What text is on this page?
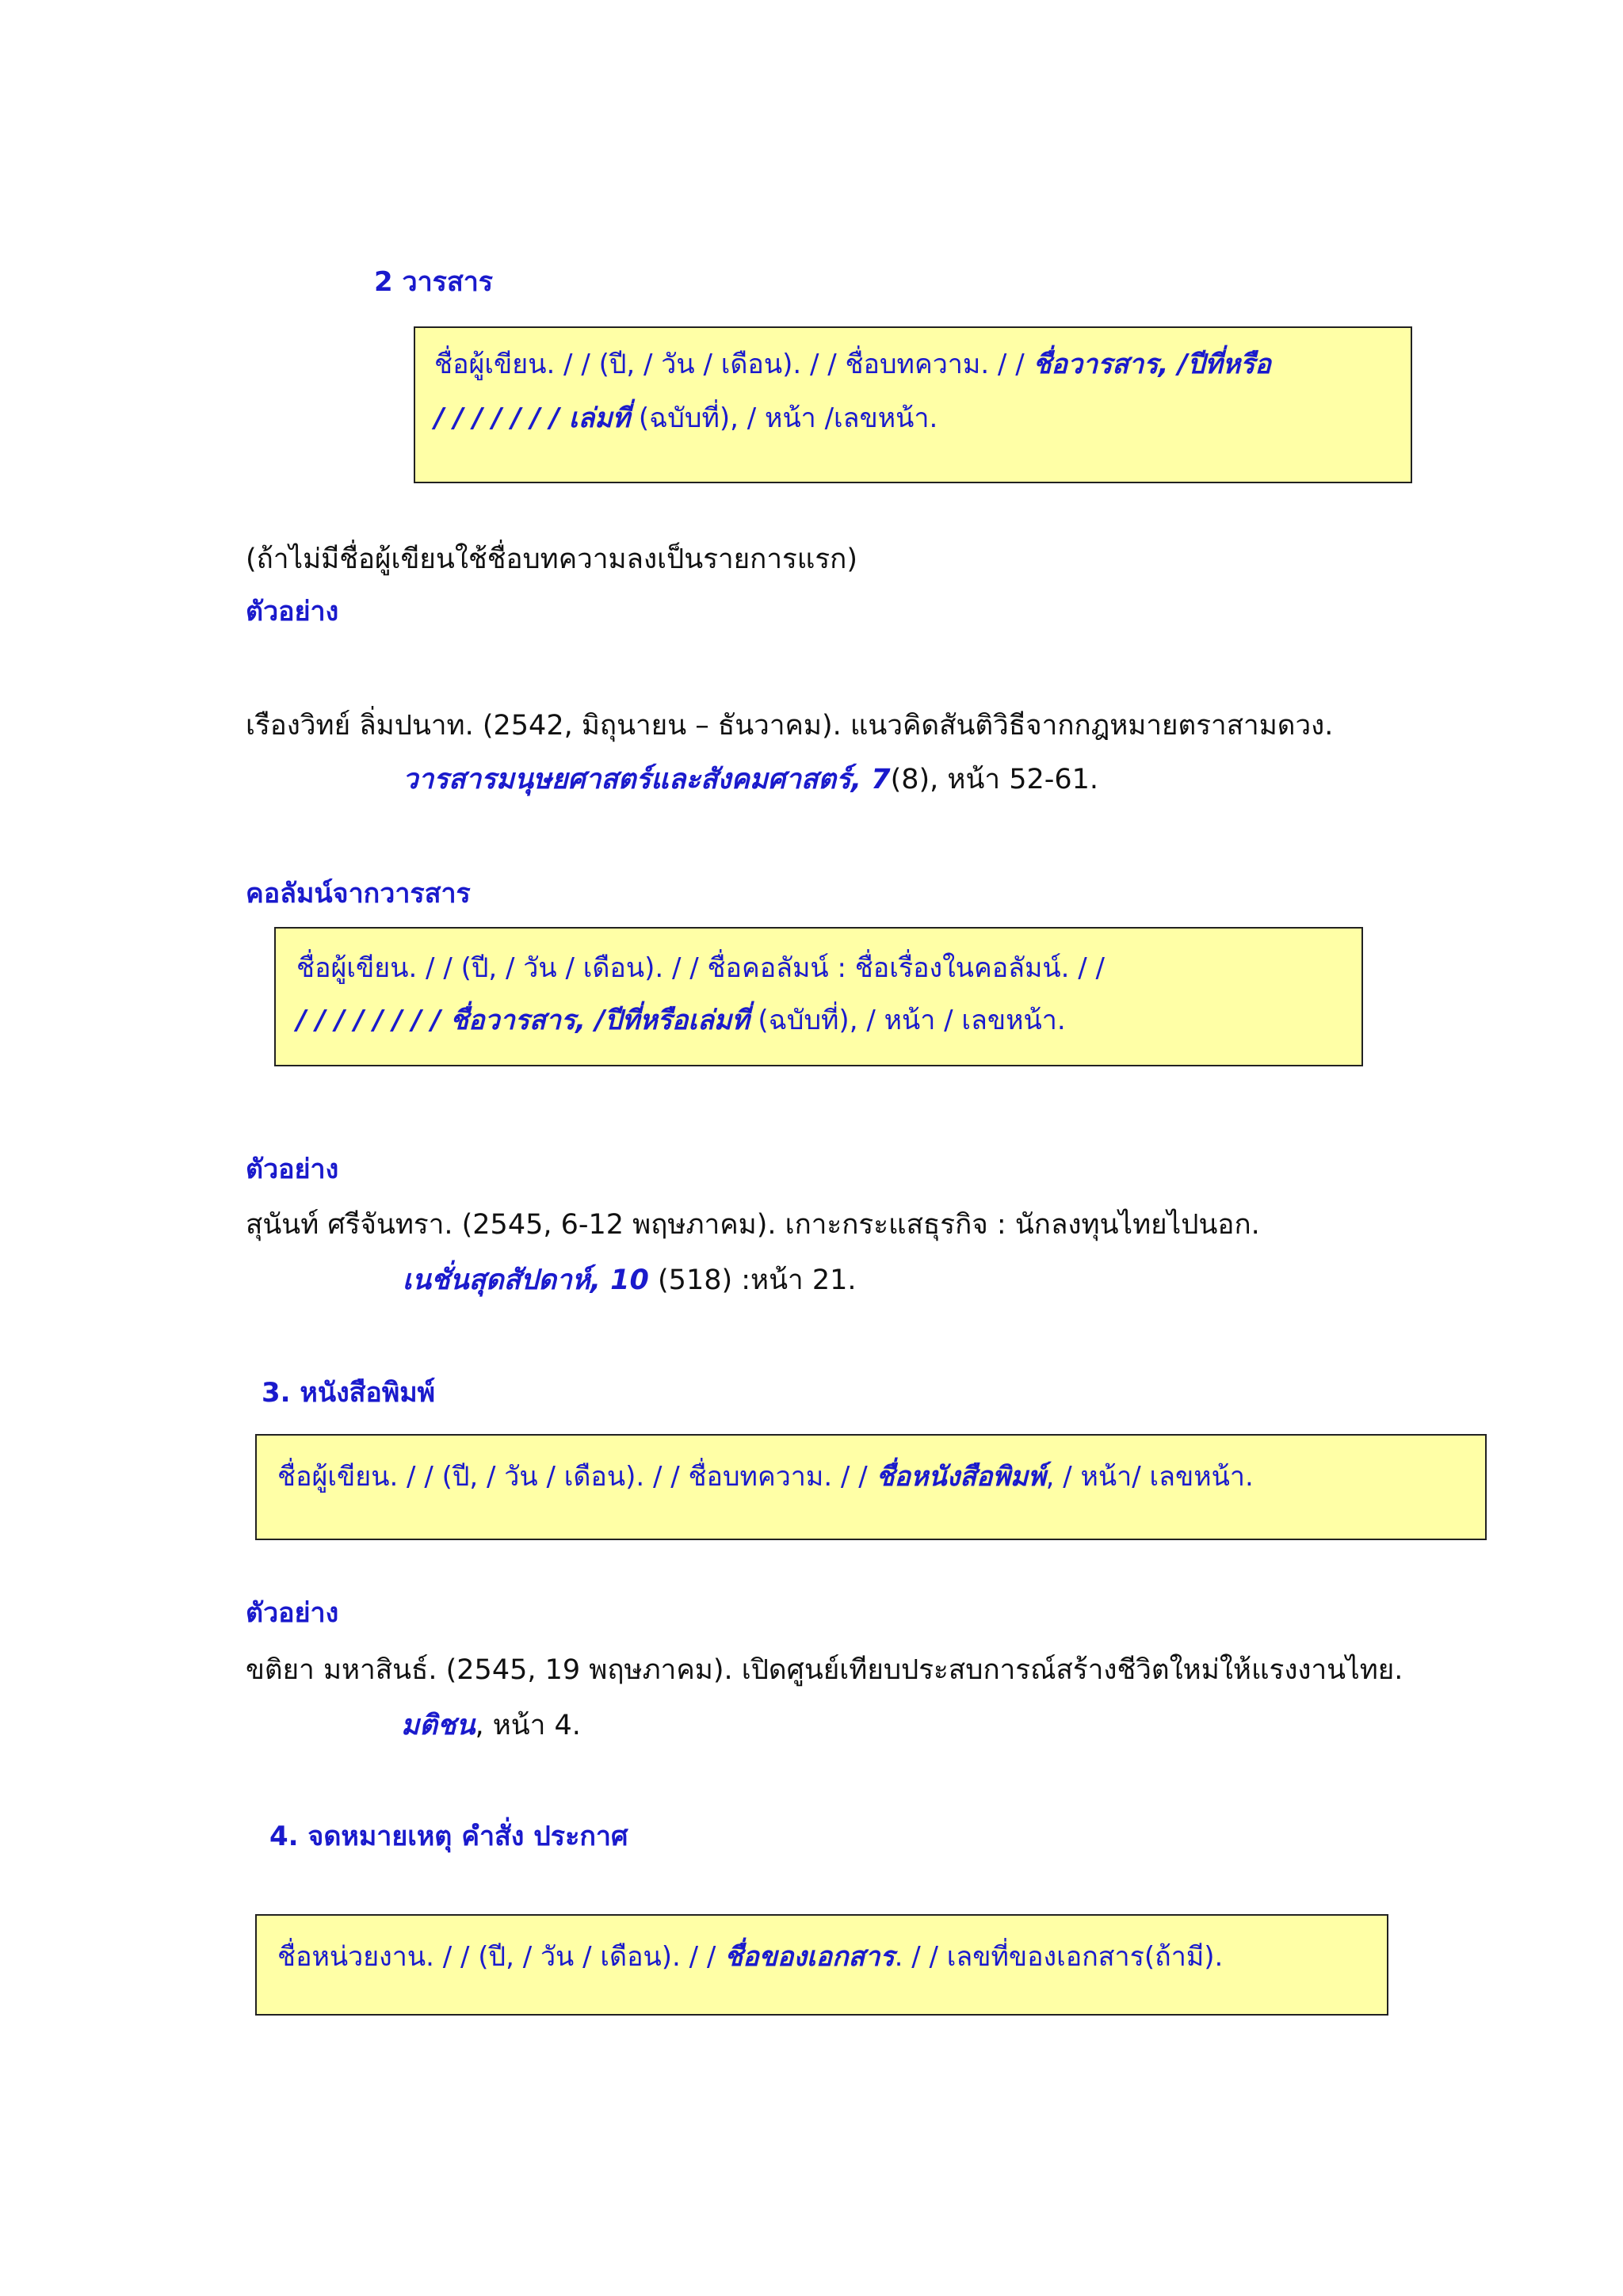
2 วารสาร
ชื่อผู้เขียน. / / (ปี, / วัน / เดือน). / / ชื่อบทความ. / / ชื่อวารสาร, /ปีที่หรือ
/ / / / / / / เล่มที่ (ฉบับที่), / หน้า /เลขหน้า.
(ถ้าไม่มีชื่อผู้เขียนใช้ชื่อบทความลงเป็นรายการแรก)
ตัวอย่าง
เรืองวิทย์ ลิ่มปนาท. (2542, มิถุนายน – ธันวาคม). แนวคิดสันติวิธีจากกฎหมายตราสามดวง.
วารสารมนุษยศาสตร์และสังคมศาสตร์, 7(8), หน้า 52-61.
คอลัมน์จากวารสาร
ชื่อผู้เขียน. / / (ปี, / วัน / เดือน). / / ชื่อคอลัมน์ : ชื่อเรื่องในคอลัมน์. / /
/ / / / / / / / ชื่อวารสาร, /ปีที่หรือเล่มที่ (ฉบับที่), / หน้า / เลขหน้า.
ตัวอย่าง
สุนันท์ ศรีจันทรา. (2545, 6-12 พฤษภาคม). เกาะกระแสธุรกิจ : นักลงทุนไทยไปนอก.
เนชั่นสุดสัปดาห์, 10 (518) :หน้า 21.
3. หนังสือพิมพ์
ชื่อผู้เขียน. / / (ปี, / วัน / เดือน). / / ชื่อบทความ. / / ชื่อหนังสือพิมพ์, / หน้า/ เลขหน้า.
ตัวอย่าง
ขติยา มหาสินธ์. (2545, 19 พฤษภาคม). เปิดศูนย์เทียบประสบการณ์สร้างชีวิตใหม่ให้แรงงานไทย.
มติชน, หน้า 4.
4. จดหมายเหตุ คำสั่ง ประกาศ
ชื่อหน่วยงาน. / / (ปี, / วัน / เดือน). / / ชื่อของเอกสาร. / / เลขที่ของเอกสาร(ถ้ามี).
